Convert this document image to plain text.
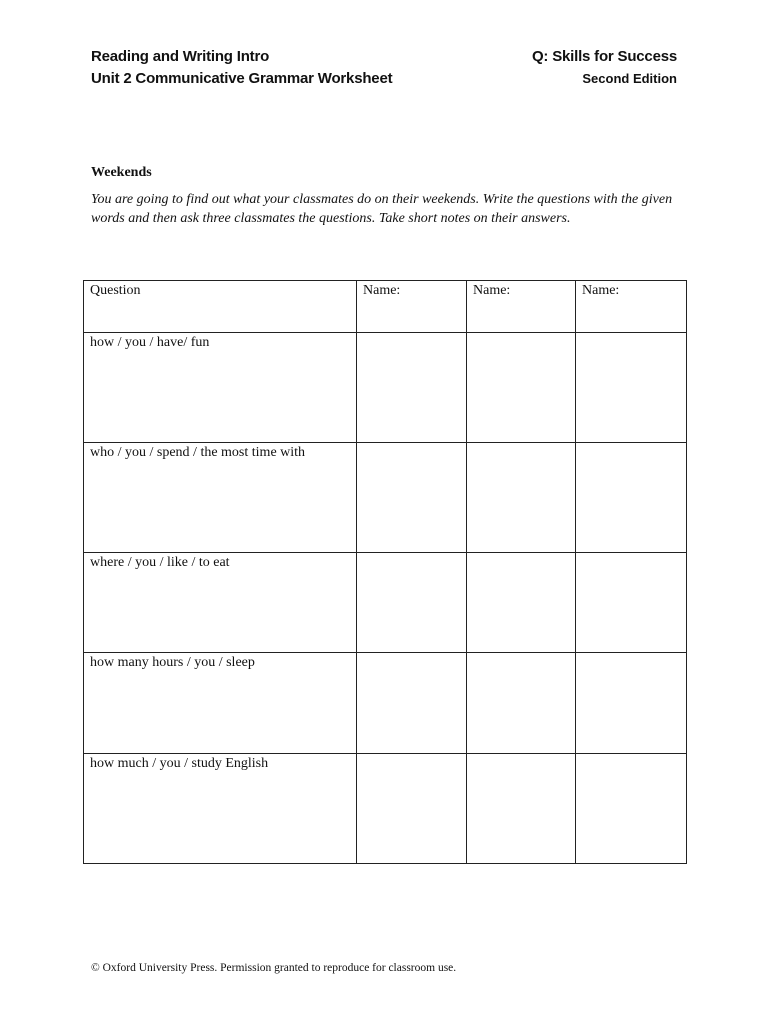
Reading and Writing Intro
Unit 2 Communicative Grammar Worksheet
Q: Skills for Success
Second Edition
Weekends
You are going to find out what your classmates do on their weekends. Write the questions with the given words and then ask three classmates the questions. Take short notes on their answers.
Question	Name:	Name:	Name:
how / you / have/ fun			
who / you / spend / the most time with			
where / you / like / to eat			
how many hours / you / sleep			
how much / you / study English			
© Oxford University Press. Permission granted to reproduce for classroom use.
